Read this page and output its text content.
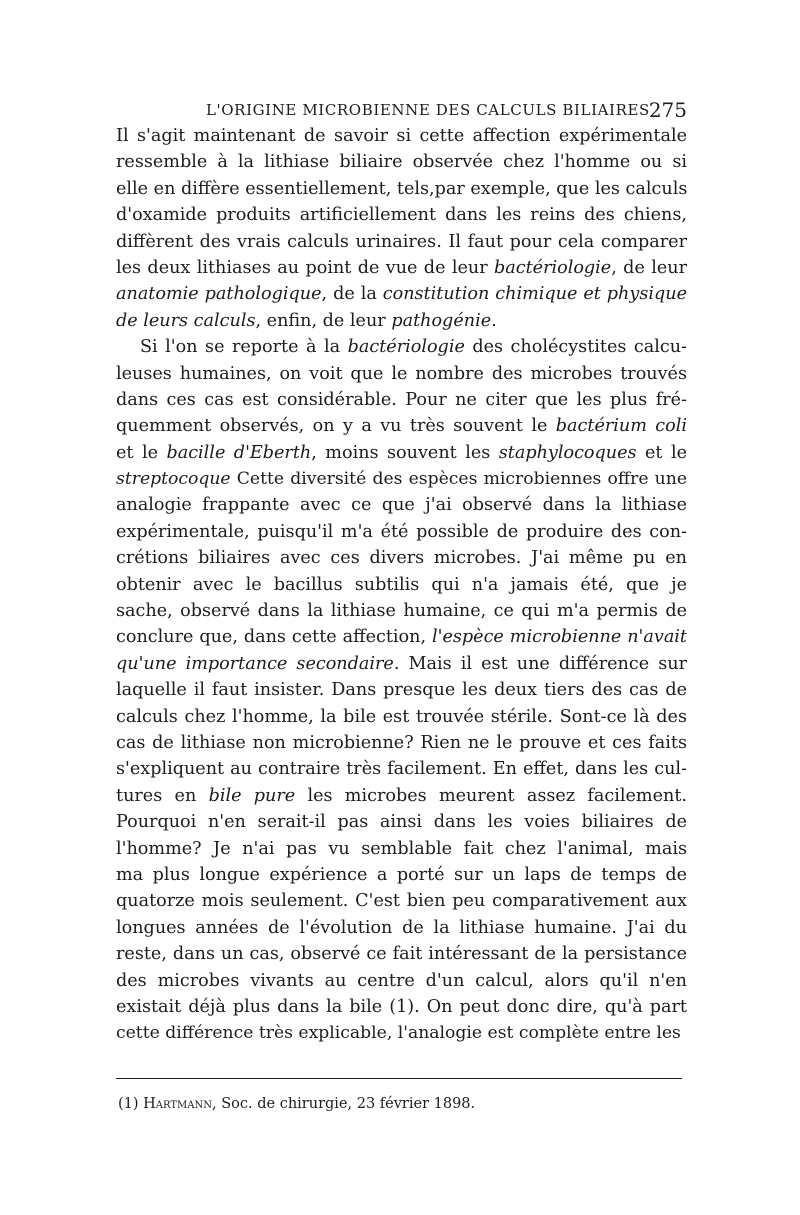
L'ORIGINE MICROBIENNE DES CALCULS BILIAIRES
275
Il s'agit maintenant de savoir si cette affection expérimentale
ressemble à la lithiase biliaire observée chez l'homme ou si
elle en diffère essentiellement, tels,par exemple, que les calculs
d'oxamide produits artificiellement dans les reins des chiens,
diffèrent des vrais calculs urinaires. Il faut pour cela comparer
les deux lithiases au point de vue de leur bactériologie, de leur
anatomie pathologique, de la constitution chimique et physique
de leurs calculs, enfin, de leur pathogénie.
Si l'on se reporte à la bactériologie des cholécystites calcu-
leuses humaines, on voit que le nombre des microbes trouvés
dans ces cas est considérable. Pour ne citer que les plus fré-
quemment observés, on y a vu très souvent le bactérium coli
et le bacille d'Eberth, moins souvent les staphylocoques et le
streptocoque Cette diversité des espèces microbiennes offre une
analogie frappante avec ce que j'ai observé dans la lithiase
expérimentale, puisqu'il m'a été possible de produire des con-
crétions biliaires avec ces divers microbes. J'ai même pu en
obtenir avec le bacillus subtilis qui n'a jamais été, que je
sache, observé dans la lithiase humaine, ce qui m'a permis de
conclure que, dans cette affection, l'espèce microbienne n'avait
qu'une importance secondaire. Mais il est une différence sur
laquelle il faut insister. Dans presque les deux tiers des cas de
calculs chez l'homme, la bile est trouvée stérile. Sont-ce là des
cas de lithiase non microbienne? Rien ne le prouve et ces faits
s'expliquent au contraire très facilement. En effet, dans les cul-
tures en bile pure les microbes meurent assez facilement.
Pourquoi n'en serait-il pas ainsi dans les voies biliaires de
l'homme? Je n'ai pas vu semblable fait chez l'animal, mais
ma plus longue expérience a porté sur un laps de temps de
quatorze mois seulement. C'est bien peu comparativement aux
longues années de l'évolution de la lithiase humaine. J'ai du
reste, dans un cas, observé ce fait intéressant de la persistance
des microbes vivants au centre d'un calcul, alors qu'il n'en
existait déjà plus dans la bile (1). On peut donc dire, qu'à part
cette différence très explicable, l'analogie est complète entre les
(1) Hartmann, Soc. de chirurgie, 23 février 1898.
